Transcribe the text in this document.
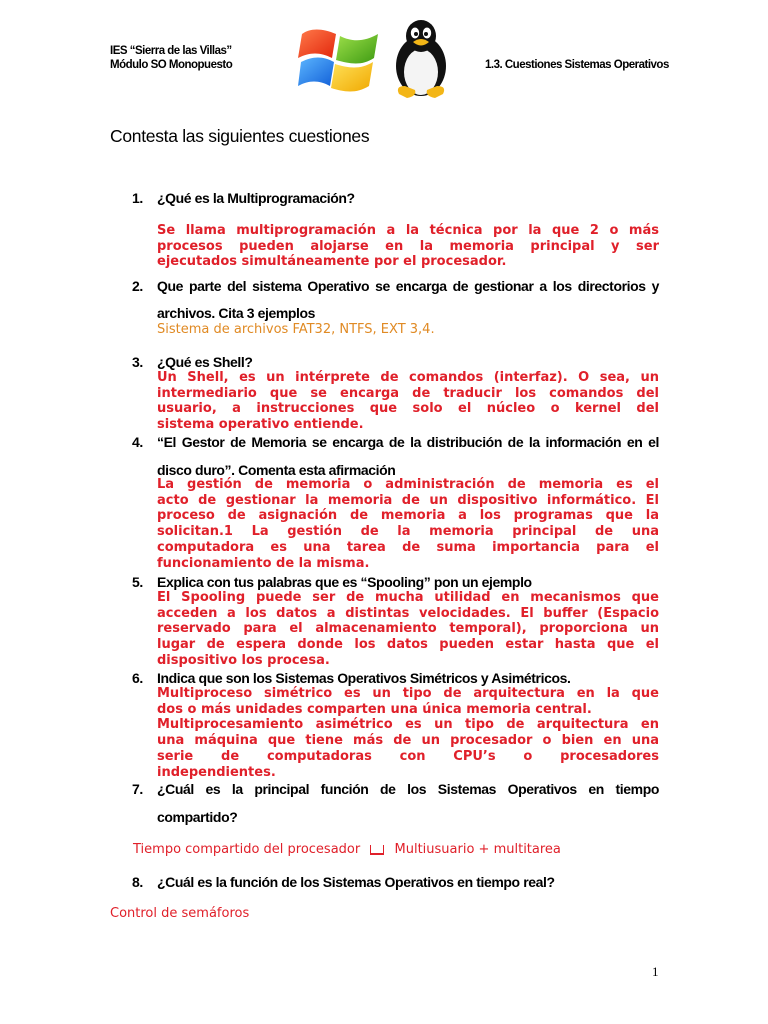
IES “Sierra de las Villas”
Módulo SO Monopuesto	1.3. Cuestiones Sistemas Operativos
Contesta las siguientes cuestiones
1. ¿Qué es la Multiprogramación?
Se llama multiprogramación a la técnica por la que 2 o más
procesos pueden alojarse en la memoria principal y ser
ejecutados simultáneamente por el procesador.
2. Que parte del sistema Operativo se encarga de gestionar a los directorios y
archivos. Cita 3 ejemplos
Sistema de archivos FAT32, NTFS, EXT 3,4.
3. ¿Qué es Shell?
Un Shell, es un intérprete de comandos (interfaz). O sea, un
intermediario que se encarga de traducir los comandos del
usuario, a instrucciones que solo el núcleo o kernel del
sistema operativo entiende.
4. “El Gestor de Memoria se encarga de la distribución de la información en el
disco duro”. Comenta esta afirmación
La gestión de memoria o administración de memoria es el
acto de gestionar la memoria de un dispositivo informático. El
proceso de asignación de memoria a los programas que la
solicitan.1 La gestión de la memoria principal de una
computadora es una tarea de suma importancia para el
funcionamiento de la misma.
5. Explica con tus palabras que es “Spooling” pon un ejemplo
El Spooling puede ser de mucha utilidad en mecanismos que
acceden a los datos a distintas velocidades. El buffer (Espacio
reservado para el almacenamiento temporal), proporciona un
lugar de espera donde los datos pueden estar hasta que el
dispositivo los procesa.
6. Indica que son los Sistemas Operativos Simétricos y Asimétricos.
Multiproceso simétrico es un tipo de arquitectura en la que
dos o más unidades comparten una única memoria central.
Multiprocesamiento asimétrico es un tipo de arquitectura en
una máquina que tiene más de un procesador o bien en una
serie de computadoras con CPU’s o procesadores
independientes.
7. ¿Cuál es la principal función de los Sistemas Operativos en tiempo
compartido?
Tiempo compartido del procesador	Multiusuario + multitarea
8. ¿Cuál es la función de los Sistemas Operativos en tiempo real?
Control de semáforos
1
